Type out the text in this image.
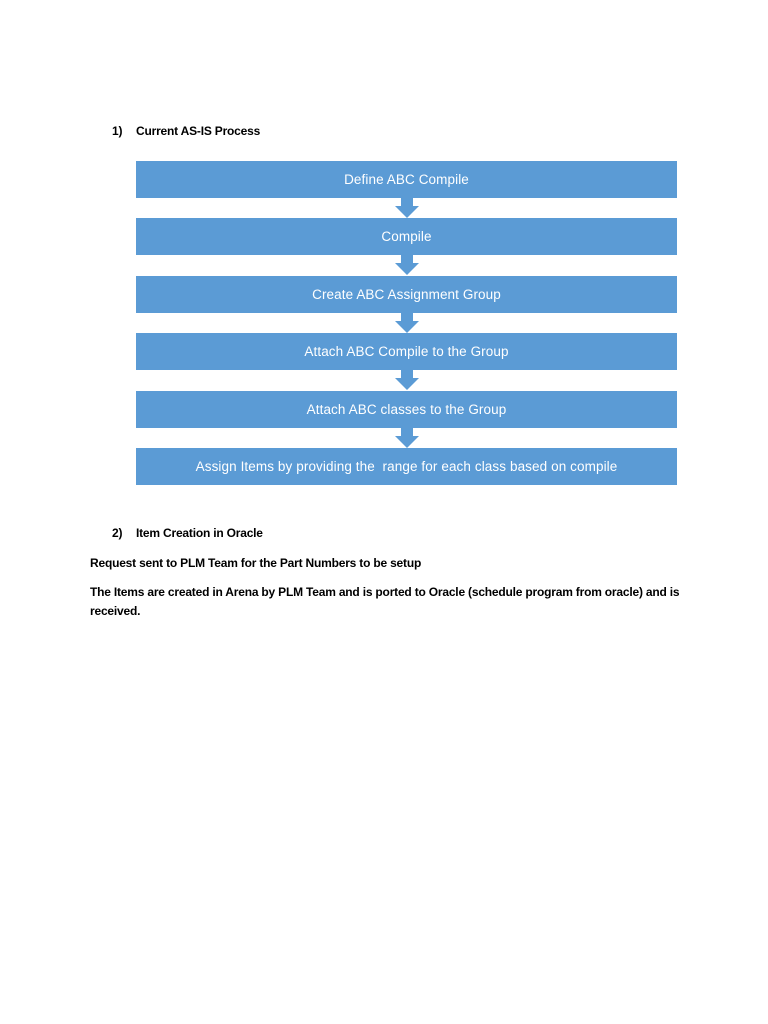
1) Current AS-IS Process
Define ABC Compile
Compile
Create ABC Assignment Group
Attach ABC Compile to the Group
Attach ABC classes to the Group
Assign Items by providing the  range for each class based on compile
2) Item Creation in Oracle
Request sent to PLM Team for the Part Numbers to be setup
The Items are created in Arena by PLM Team and is ported to Oracle (schedule program from oracle) and is received.
